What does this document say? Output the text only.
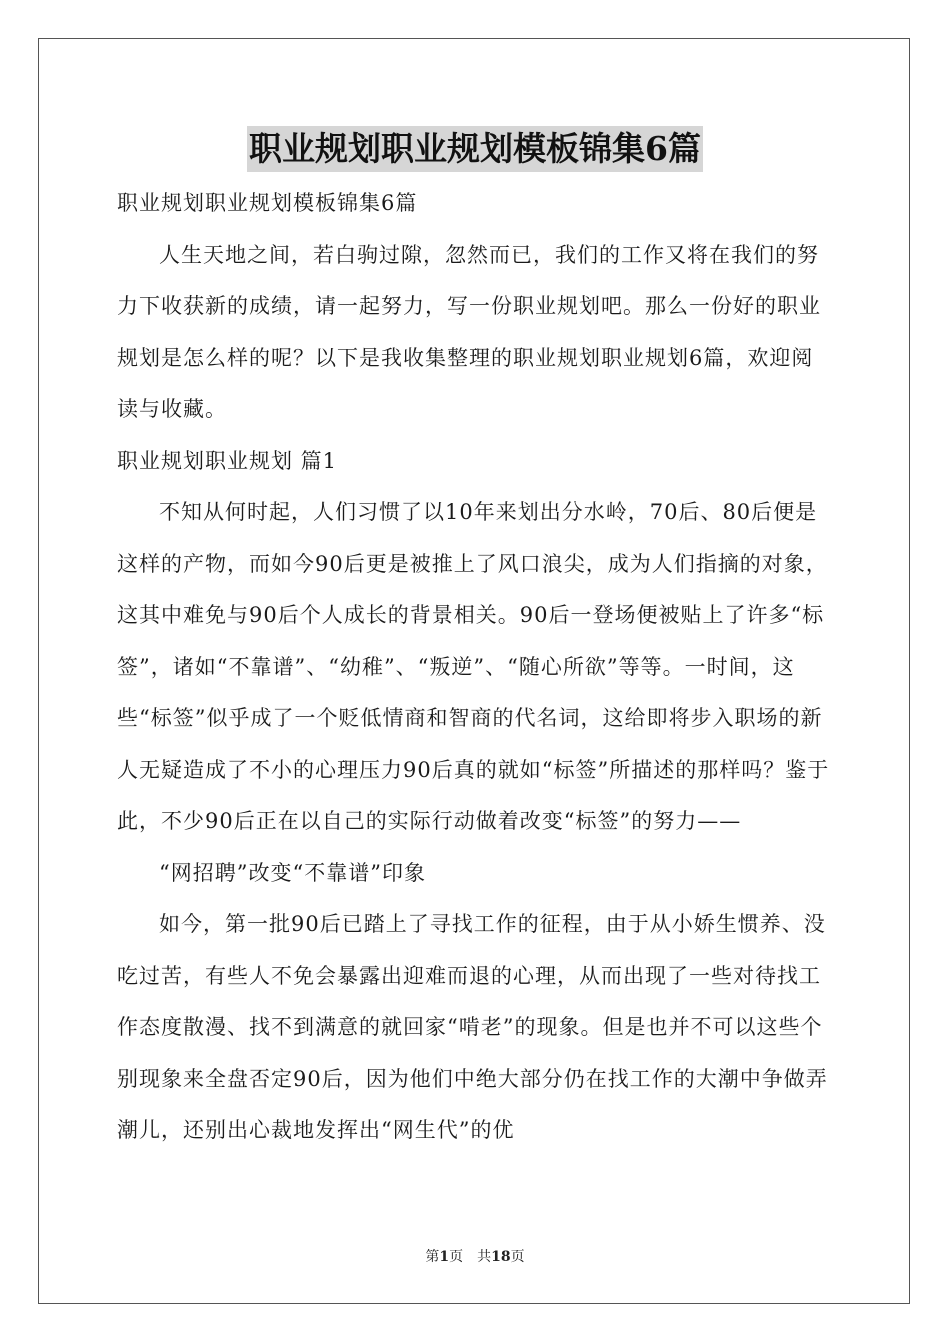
职业规划职业规划模板锦集6篇

职业规划职业规划模板锦集6篇

人生天地之间，若白驹过隙，忽然而已，我们的工作又将在我们的努力下收获新的成绩，请一起努力，写一份职业规划吧。那么一份好的职业规划是怎么样的呢？以下是我收集整理的职业规划职业规划6篇，欢迎阅读与收藏。

职业规划职业规划 篇1

不知从何时起，人们习惯了以10年来划出分水岭，70后、80后便是这样的产物，而如今90后更是被推上了风口浪尖，成为人们指摘的对象，这其中难免与90后个人成长的背景相关。90后一登场便被贴上了许多“标签”，诸如“不靠谱”、“幼稚”、“叛逆”、“随心所欲”等等。一时间，这些“标签”似乎成了一个贬低情商和智商的代名词，这给即将步入职场的新人无疑造成了不小的心理压力90后真的就如“标签”所描述的那样吗？鉴于此，不少90后正在以自己的实际行动做着改变“标签”的努力——

“网招聘”改变“不靠谱”印象

如今，第一批90后已踏上了寻找工作的征程，由于从小娇生惯养、没吃过苦，有些人不免会暴露出迎难而退的心理，从而出现了一些对待找工作态度散漫、找不到满意的就回家“啃老”的现象。但是也并不可以这些个别现象来全盘否定90后，因为他们中绝大部分仍在找工作的大潮中争做弄潮儿，还别出心裁地发挥出“网生代”的优

第1页　共18页
